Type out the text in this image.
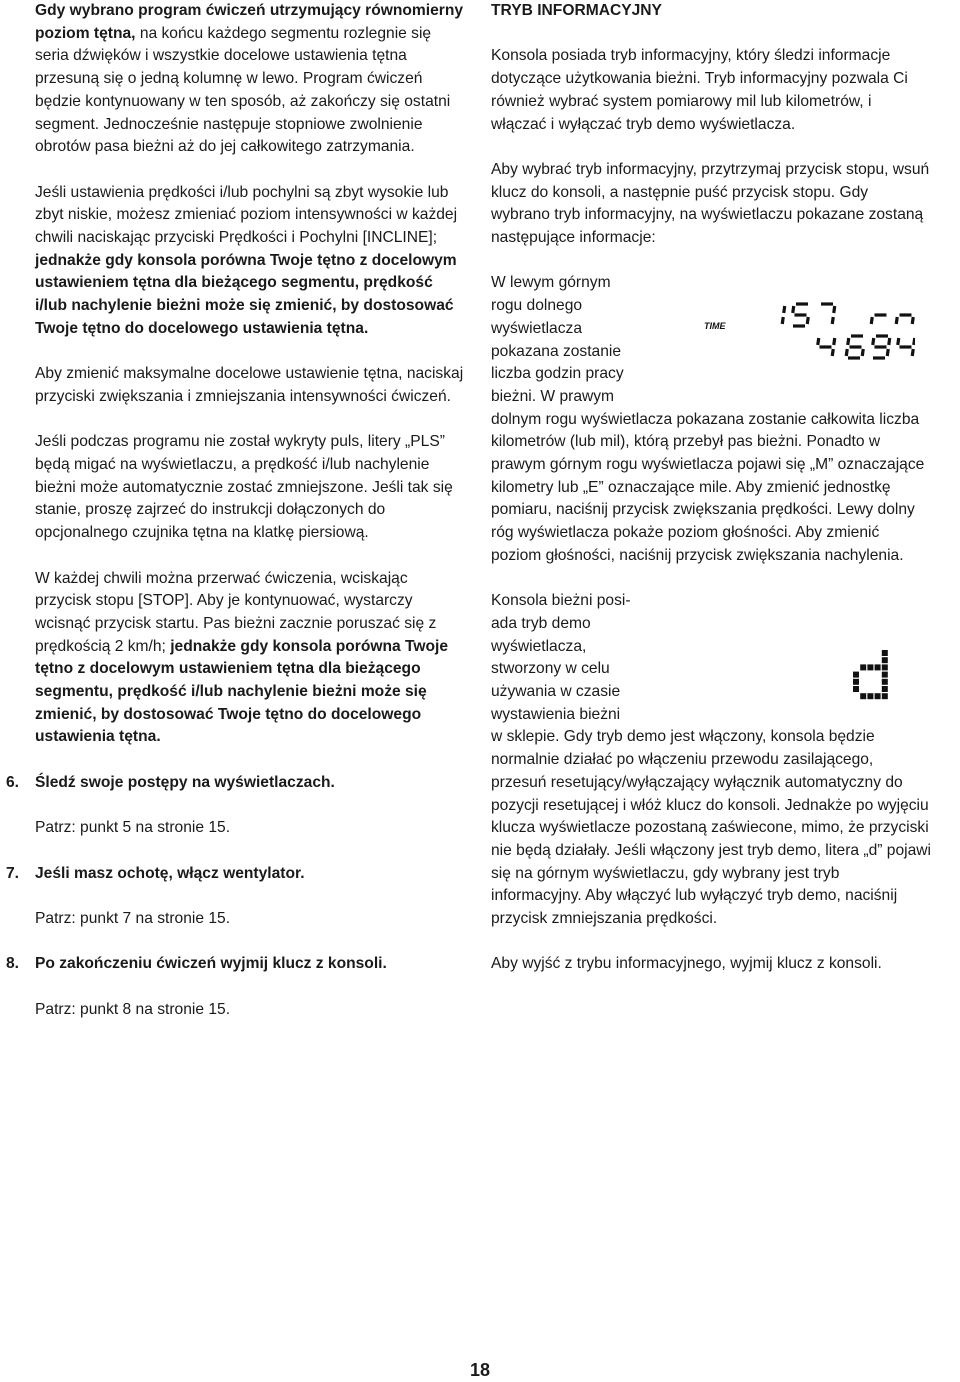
Gdy wybrano program ćwiczeń utrzymujący równomierny poziom tętna, na końcu każdego segmentu rozlegnie się seria dźwięków i wszystkie docelowe ustawienia tętna przesuną się o jedną kolumnę w lewo. Program ćwiczeń będzie kontynuowany w ten sposób, aż zakończy się ostatni segment. Jednocześnie następuje stopniowe zwolnienie obrotów pasa bieżni aż do jej całkowitego zatrzymania.

Jeśli ustawienia prędkości i/lub pochylni są zbyt wysokie lub zbyt niskie, możesz zmieniać poziom intensywności w każdej chwili naciskając przyciski Prędkości i Pochylni [INCLINE]; jednakże gdy konsola porówna Twoje tętno z docelowym ustawieniem tętna dla bieżącego segmentu, prędkość i/lub nachylenie bieżni może się zmienić, by dostosować Twoje tętno do docelowego ustawienia tętna.

Aby zmienić maksymalne docelowe ustawienie tętna, naciskaj przyciski zwiększania i zmniejszania intensywności ćwiczeń.

Jeśli podczas programu nie został wykryty puls, litery „PLS” będą migać na wyświetlaczu, a prędkość i/lub nachylenie bieżni może automatycznie zostać zmniejszone. Jeśli tak się stanie, proszę zajrzeć do instrukcji dołączonych do opcjonalnego czujnika tętna na klatkę piersiową.

W każdej chwili można przerwać ćwiczenia, wciskając przycisk stopu [STOP]. Aby je kontynuować, wystarczy wcisnąć przycisk startu. Pas bieżni zacznie poruszać się z prędkością 2 km/h; jednakże gdy konsola porówna Twoje tętno z docelowym ustawieniem tętna dla bieżącego segmentu, prędkość i/lub nachylenie bieżni może się zmienić, by dostosować Twoje tętno do docelowego ustawienia tętna.

6. Śledź swoje postępy na wyświetlaczach.

Patrz: punkt 5 na stronie 15.

7. Jeśli masz ochotę, włącz wentylator.

Patrz: punkt 7 na stronie 15.

8. Po zakończeniu ćwiczeń wyjmij klucz z konsoli.

Patrz: punkt 8 na stronie 15.

TRYB INFORMACYJNY

Konsola posiada tryb informacyjny, który śledzi informacje dotyczące użytkowania bieżni. Tryb informacyjny pozwala Ci również wybrać system pomiarowy mil lub kilometrów, i włączać i wyłączać tryb demo wyświetlacza.

Aby wybrać tryb informacyjny, przytrzymaj przycisk stopu, wsuń klucz do konsoli, a następnie puść przycisk stopu. Gdy wybrano tryb informacyjny, na wyświetlaczu pokazane zostaną następujące informacje:

W lewym górnym

rogu dolnego

wyświetlacza

pokazana zostanie

liczba godzin pracy

bieżni. W prawym

dolnym rogu wyświetlacza pokazana zostanie całkowita liczba kilometrów (lub mil), którą przebył pas bieżni. Ponadto w prawym górnym rogu wyświetlacza pojawi się „M” oznaczające kilometry lub „E” oznaczające mile. Aby zmienić jednostkę pomiaru, naciśnij przycisk zwiększania prędkości. Lewy dolny róg wyświetlacza pokaże poziom głośności. Aby zmienić poziom głośności, naciśnij przycisk zwiększania nachylenia.

Konsola bieżni posi-

ada tryb demo

wyświetlacza,

stworzony w celu

używania w czasie

wystawienia bieżni

w sklepie. Gdy tryb demo jest włączony, konsola będzie normalnie działać po włączeniu przewodu zasilającego, przesuń resetujący/wyłączający wyłącznik automatyczny do pozycji resetującej i włóż klucz do konsoli. Jednakże po wyjęciu klucza wyświetlacze pozostaną zaświecone, mimo, że przyciski nie będą działały. Jeśli włączony jest tryb demo, litera „d” pojawi się na górnym wyświetlaczu, gdy wybrany jest tryb informacyjny. Aby włączyć lub wyłączyć tryb demo, naciśnij przycisk zmniejszania prędkości.

Aby wyjść z trybu informacyjnego, wyjmij klucz z konsoli.

TIME
18
